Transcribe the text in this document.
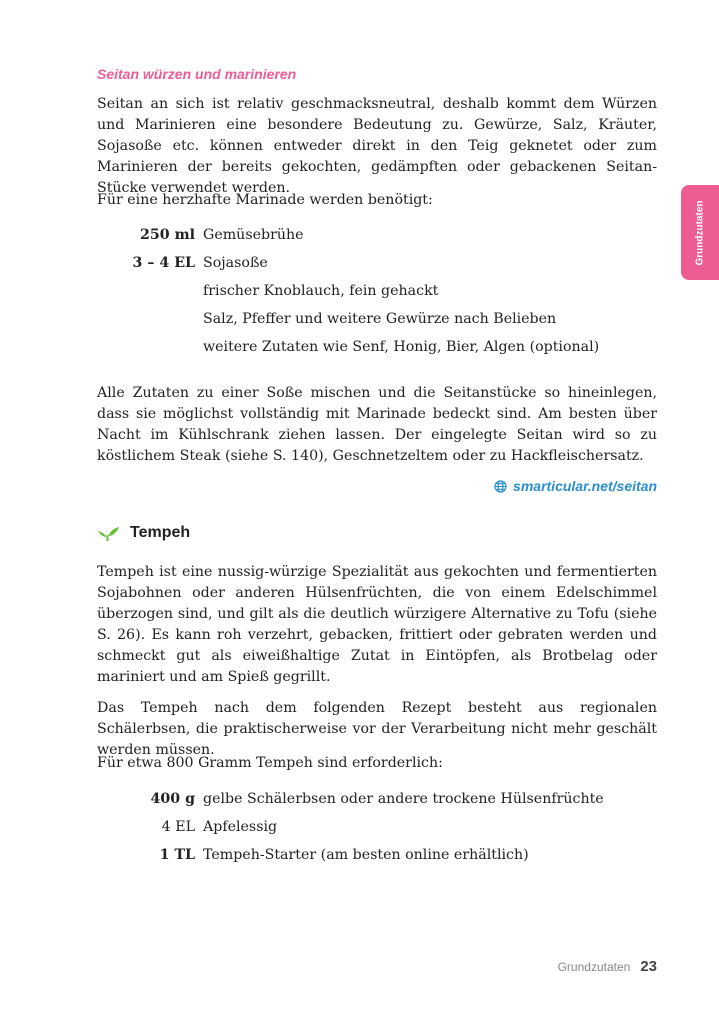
Seitan würzen und marinieren

Seitan an sich ist relativ geschmacksneutral, deshalb kommt dem Würzen und Marinieren eine besondere Bedeutung zu. Gewürze, Salz, Kräuter, Sojasoße etc. können entweder direkt in den Teig geknetet oder zum Marinieren der bereits gekochten, gedämpften oder gebackenen Seitan-Stücke verwendet werden.

Für eine herzhafte Marinade werden benötigt:

250 ml Gemüsebrühe
3 – 4 EL Sojasoße
frischer Knoblauch, fein gehackt
Salz, Pfeffer und weitere Gewürze nach Belieben
weitere Zutaten wie Senf, Honig, Bier, Algen (optional)

Alle Zutaten zu einer Soße mischen und die Seitanstücke so hineinlegen, dass sie möglichst vollständig mit Marinade bedeckt sind. Am besten über Nacht im Kühlschrank ziehen lassen. Der eingelegte Seitan wird so zu köstlichem Steak (siehe S. 140), Geschnetzeltem oder zu Hackfleischersatz.

smarticular.net/seitan
Tempeh

Tempeh ist eine nussig-würzige Spezialität aus gekochten und fermentierten Sojabohnen oder anderen Hülsenfrüchten, die von einem Edelschimmel überzogen sind, und gilt als die deutlich würzigere Alternative zu Tofu (siehe S. 26). Es kann roh verzehrt, gebacken, frittiert oder gebraten werden und schmeckt gut als eiweißhaltige Zutat in Eintöpfen, als Brotbelag oder mariniert und am Spieß gegrillt.

Das Tempeh nach dem folgenden Rezept besteht aus regionalen Schälerbsen, die praktischerweise vor der Verarbeitung nicht mehr geschält werden müssen.

Für etwa 800 Gramm Tempeh sind erforderlich:

400 g gelbe Schälerbsen oder andere trockene Hülsenfrüchte
4 EL Apfelessig
1 TL Tempeh-Starter (am besten online erhältlich)
Grundzutaten
Grundzutaten 23
